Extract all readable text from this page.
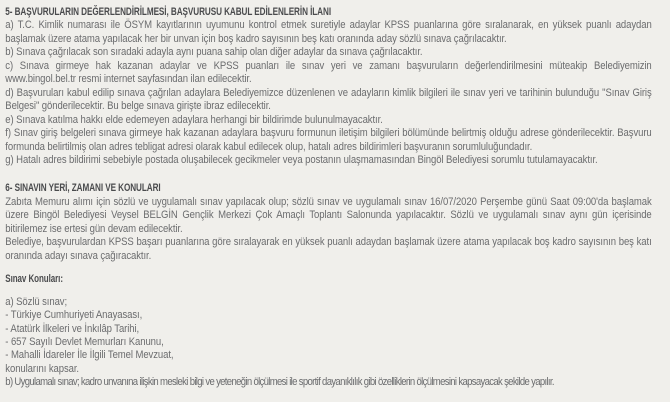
5- BAŞVURULARIN DEĞERLENDİRİLMESİ, BAŞVURUSU KABUL EDİLENLERİN İLANI

a) T.C. Kimlik numarası ile ÖSYM kayıtlarının uyumunu kontrol etmek suretiyle adaylar KPSS puanlarına göre sıralanarak, en yüksek puanlı adaydan başlamak üzere atama yapılacak her bir unvan için boş kadro sayısının beş katı oranında aday sözlü sınava çağrılacaktır.

b) Sınava çağrılacak son sıradaki adayla aynı puana sahip olan diğer adaylar da sınava çağrılacaktır.

c) Sınava girmeye hak kazanan adaylar ve KPSS puanları ile sınav yeri ve zamanı başvuruların değerlendirilmesini müteakip Belediyemizin www.bingol.bel.tr resmi internet sayfasından ilan edilecektir.

d) Başvuruları kabul edilip sınava çağrılan adaylara Belediyemizce düzenlenen ve adayların kimlik bilgileri ile sınav yeri ve tarihinin bulunduğu "Sınav Giriş Belgesi" gönderilecektir. Bu belge sınava girişte ibraz edilecektir.

e) Sınava katılma hakkı elde edemeyen adaylara herhangi bir bildirimde bulunulmayacaktır.

f) Sınav giriş belgeleri sınava girmeye hak kazanan adaylara başvuru formunun iletişim bilgileri bölümünde belirtmiş olduğu adrese gönderilecektir. Başvuru formunda belirtilmiş olan adres tebligat adresi olarak kabul edilecek olup, hatalı adres bildirimleri başvuranın sorumluluğundadır.

g) Hatalı adres bildirimi sebebiyle postada oluşabilecek gecikmeler veya postanın ulaşmamasından Bingöl Belediyesi sorumlu tutulamayacaktır.

6- SINAVIN YERİ, ZAMANI VE KONULARI

Zabıta Memuru alımı için sözlü ve uygulamalı sınav yapılacak olup; sözlü sınav ve uygulamalı sınav 16/07/2020 Perşembe günü Saat 09:00'da başlamak üzere Bingöl Belediyesi Veysel BELGİN Gençlik Merkezi Çok Amaçlı Toplantı Salonunda yapılacaktır. Sözlü ve uygulamalı sınav aynı gün içerisinde bitirilemez ise ertesi gün devam edilecektir.

Belediye, başvurulardan KPSS başarı puanlarına göre sıralayarak en yüksek puanlı adaydan başlamak üzere atama yapılacak boş kadro sayısının beş katı oranında adayı sınava çağıracaktır.

Sınav Konuları:
a) Sözlü sınav;
- Türkiye Cumhuriyeti Anayasası,
- Atatürk İlkeleri ve İnkılâp Tarihi,
- 657 Sayılı Devlet Memurları Kanunu,
- Mahalli İdareler İle İlgili Temel Mevzuat,
konularını kapsar.
b) Uygulamalı sınav; kadro unvanına ilişkin mesleki bilgi ve yeteneğin ölçülmesi ile sportif dayanıklılık gibi özelliklerin ölçülmesini kapsayacak şekilde yapılır.
